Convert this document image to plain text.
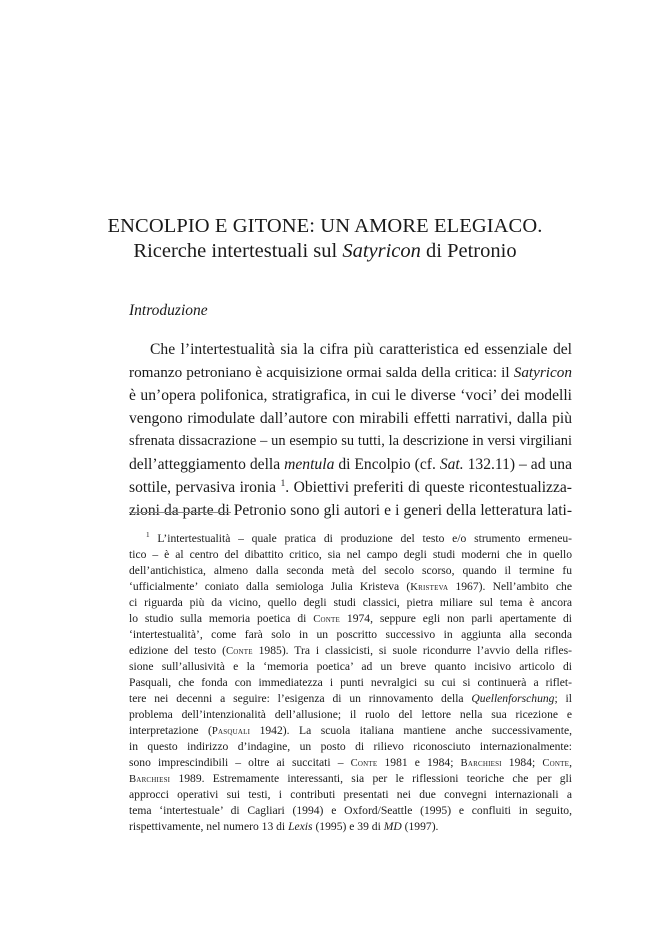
ENCOLPIO E GITONE: UN AMORE ELEGIACO.
Ricerche intertestuali sul Satyricon di Petronio
Introduzione
Che l’intertestualità sia la cifra più caratteristica ed essenziale del
romanzo petroniano è acquisizione ormai salda della critica: il Satyricon
è un’opera polifonica, stratigrafica, in cui le diverse ‘voci’ dei modelli
vengono rimodulate dall’autore con mirabili effetti narrativi, dalla più
sfrenata dissacrazione – un esempio su tutti, la descrizione in versi virgiliani
dell’atteggiamento della mentula di Encolpio (cf. Sat. 132.11) – ad una
sottile, pervasiva ironia $^1$. Obiettivi preferiti di queste ricontestualizza-
zioni da parte di Petronio sono gli autori e i generi della letteratura lati-
$^1$ L’intertestualità – quale pratica di produzione del testo e/o strumento ermeneu-
tico – è al centro del dibattito critico, sia nel campo degli studi moderni che in quello
dell’antichistica, almeno dalla seconda metà del secolo scorso, quando il termine fu
‘ufficialmente’ coniato dalla semiologa Julia Kristeva (Kristeva 1967). Nell’ambito che
ci riguarda più da vicino, quello degli studi classici, pietra miliare sul tema è ancora
lo studio sulla memoria poetica di Conte 1974, seppure egli non parli apertamente di
‘intertestualità’, come farà solo in un poscritto successivo in aggiunta alla seconda
edizione del testo (Conte 1985). Tra i classicisti, si suole ricondurre l’avvio della rifles-
sione sull’allusività e la ‘memoria poetica’ ad un breve quanto incisivo articolo di
Pasquali, che fonda con immediatezza i punti nevralgici su cui si continuerà a riflet-
tere nei decenni a seguire: l’esigenza di un rinnovamento della Quellenforschung; il
problema dell’intenzionalità dell’allusione; il ruolo del lettore nella sua ricezione e
interpretazione (Pasquali 1942). La scuola italiana mantiene anche successivamente,
in questo indirizzo d’indagine, un posto di rilievo riconosciuto internazionalmente:
sono imprescindibili – oltre ai succitati – Conte 1981 e 1984; Barchiesi 1984; Conte,
Barchiesi 1989. Estremamente interessanti, sia per le riflessioni teoriche che per gli
approcci operativi sui testi, i contributi presentati nei due convegni internazionali a
tema ‘intertestuale’ di Cagliari (1994) e Oxford/Seattle (1995) e confluiti in seguito,
rispettivamente, nel numero 13 di Lexis (1995) e 39 di MD (1997).
